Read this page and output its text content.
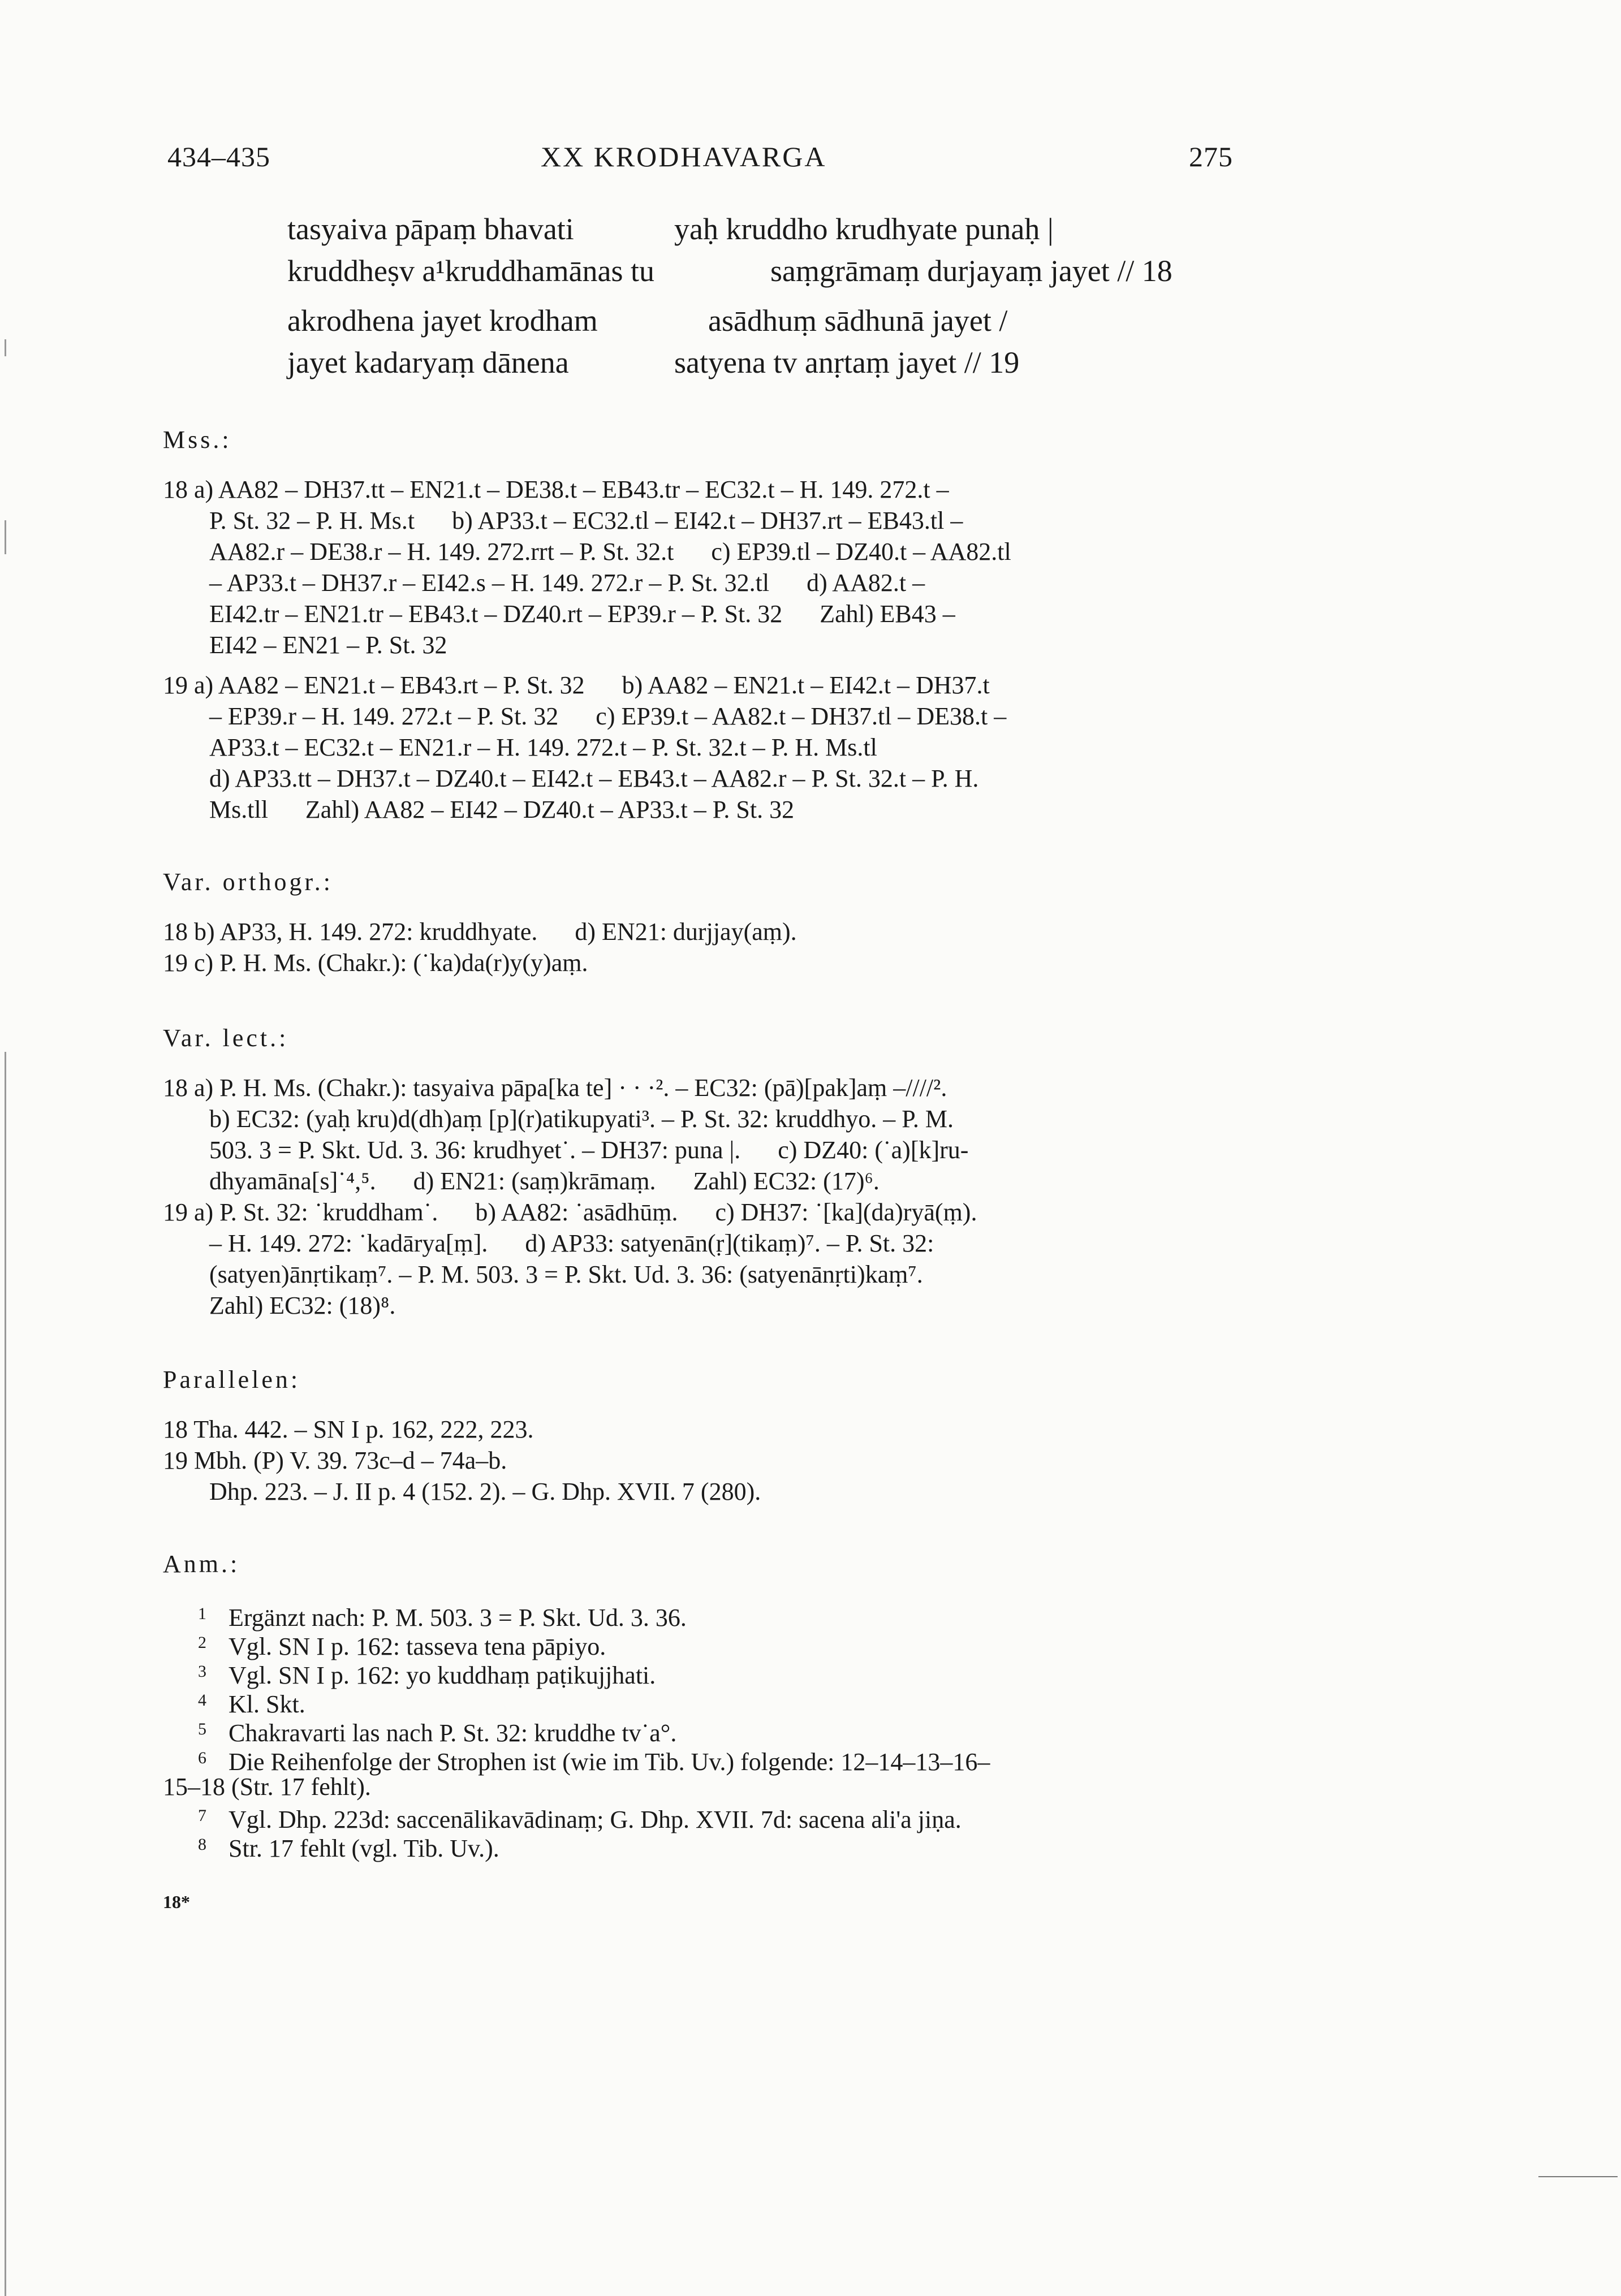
434–435	XX KRODHAVARGA	275
tasyaiva pāpaṃ bhavati	yaḥ kruddho krudhyate punaḥ |
kruddheṣv a¹kruddhamānas tu	saṃgrāmaṃ durjayaṃ jayet // 18
akrodhena jayet krodham	asādhuṃ sādhunā jayet /
jayet kadaryaṃ dānena	satyena tv anṛtaṃ jayet // 19
Mss.:
18 a) AA82 – DH37.tt – EN21.t – DE38.t – EB43.tr – EC32.t – H. 149. 272.t –
P. St. 32 – P. H. Ms.t      b) AP33.t – EC32.tl – EI42.t – DH37.rt – EB43.tl –
AA82.r – DE38.r – H. 149. 272.rrt – P. St. 32.t      c) EP39.tl – DZ40.t – AA82.tl
– AP33.t – DH37.r – EI42.s – H. 149. 272.r – P. St. 32.tl      d) AA82.t –
EI42.tr – EN21.tr – EB43.t – DZ40.rt – EP39.r – P. St. 32      Zahl) EB43 –
EI42 – EN21 – P. St. 32
19 a) AA82 – EN21.t – EB43.rt – P. St. 32      b) AA82 – EN21.t – EI42.t – DH37.t
– EP39.r – H. 149. 272.t – P. St. 32      c) EP39.t – AA82.t – DH37.tl – DE38.t –
AP33.t – EC32.t – EN21.r – H. 149. 272.t – P. St. 32.t – P. H. Ms.tl
d) AP33.tt – DH37.t – DZ40.t – EI42.t – EB43.t – AA82.r – P. St. 32.t – P. H.
Ms.tll      Zahl) AA82 – EI42 – DZ40.t – AP33.t – P. St. 32
Var. orthogr.:
18 b) AP33, H. 149. 272: kruddhyate.      d) EN21: durjjay(aṃ).
19 c) P. H. Ms. (Chakr.): (˙ka)da(r)y(y)aṃ.
Var. lect.:
18 a) P. H. Ms. (Chakr.): tasyaiva pāpa[ka te] · · ·². – EC32: (pā)[pak]aṃ –////².
b) EC32: (yaḥ kru)d(dh)aṃ [p](r)atikupyati³. – P. St. 32: kruddhyo. – P. M.
503. 3 = P. Skt. Ud. 3. 36: krudhyet˙. – DH37: puna |.      c) DZ40: (˙a)[k]ru-
dhyamāna[s]˙⁴,⁵.      d) EN21: (saṃ)krāmaṃ.      Zahl) EC32: (17)⁶.
19 a) P. St. 32: ˙kruddham˙.      b) AA82: ˙asādhūṃ.      c) DH37: ˙[ka](da)ryā(ṃ).
– H. 149. 272: ˙kadārya[ṃ].      d) AP33: satyenān(ṛ](tikaṃ)⁷. – P. St. 32:
(satyen)ānṛtikaṃ⁷. – P. M. 503. 3 = P. Skt. Ud. 3. 36: (satyenānṛti)kaṃ⁷.
Zahl) EC32: (18)⁸.
Parallelen:
18 Tha. 442. – SN I p. 162, 222, 223.
19 Mbh. (P) V. 39. 73c–d – 74a–b.
Dhp. 223. – J. II p. 4 (152. 2). – G. Dhp. XVII. 7 (280).
Anm.:
1 Ergänzt nach: P. M. 503. 3 = P. Skt. Ud. 3. 36.
2 Vgl. SN I p. 162: tasseva tena pāpiyo.
3 Vgl. SN I p. 162: yo kuddhaṃ paṭikujjhati.
4 Kl. Skt.
5 Chakravarti las nach P. St. 32: kruddhe tv˙a°.
6 Die Reihenfolge der Strophen ist (wie im Tib. Uv.) folgende: 12–14–13–16–
15–18 (Str. 17 fehlt).
7 Vgl. Dhp. 223d: saccenālikavādinaṃ; G. Dhp. XVII. 7d: sacena ali'a jiṇa.
8 Str. 17 fehlt (vgl. Tib. Uv.).
18*
